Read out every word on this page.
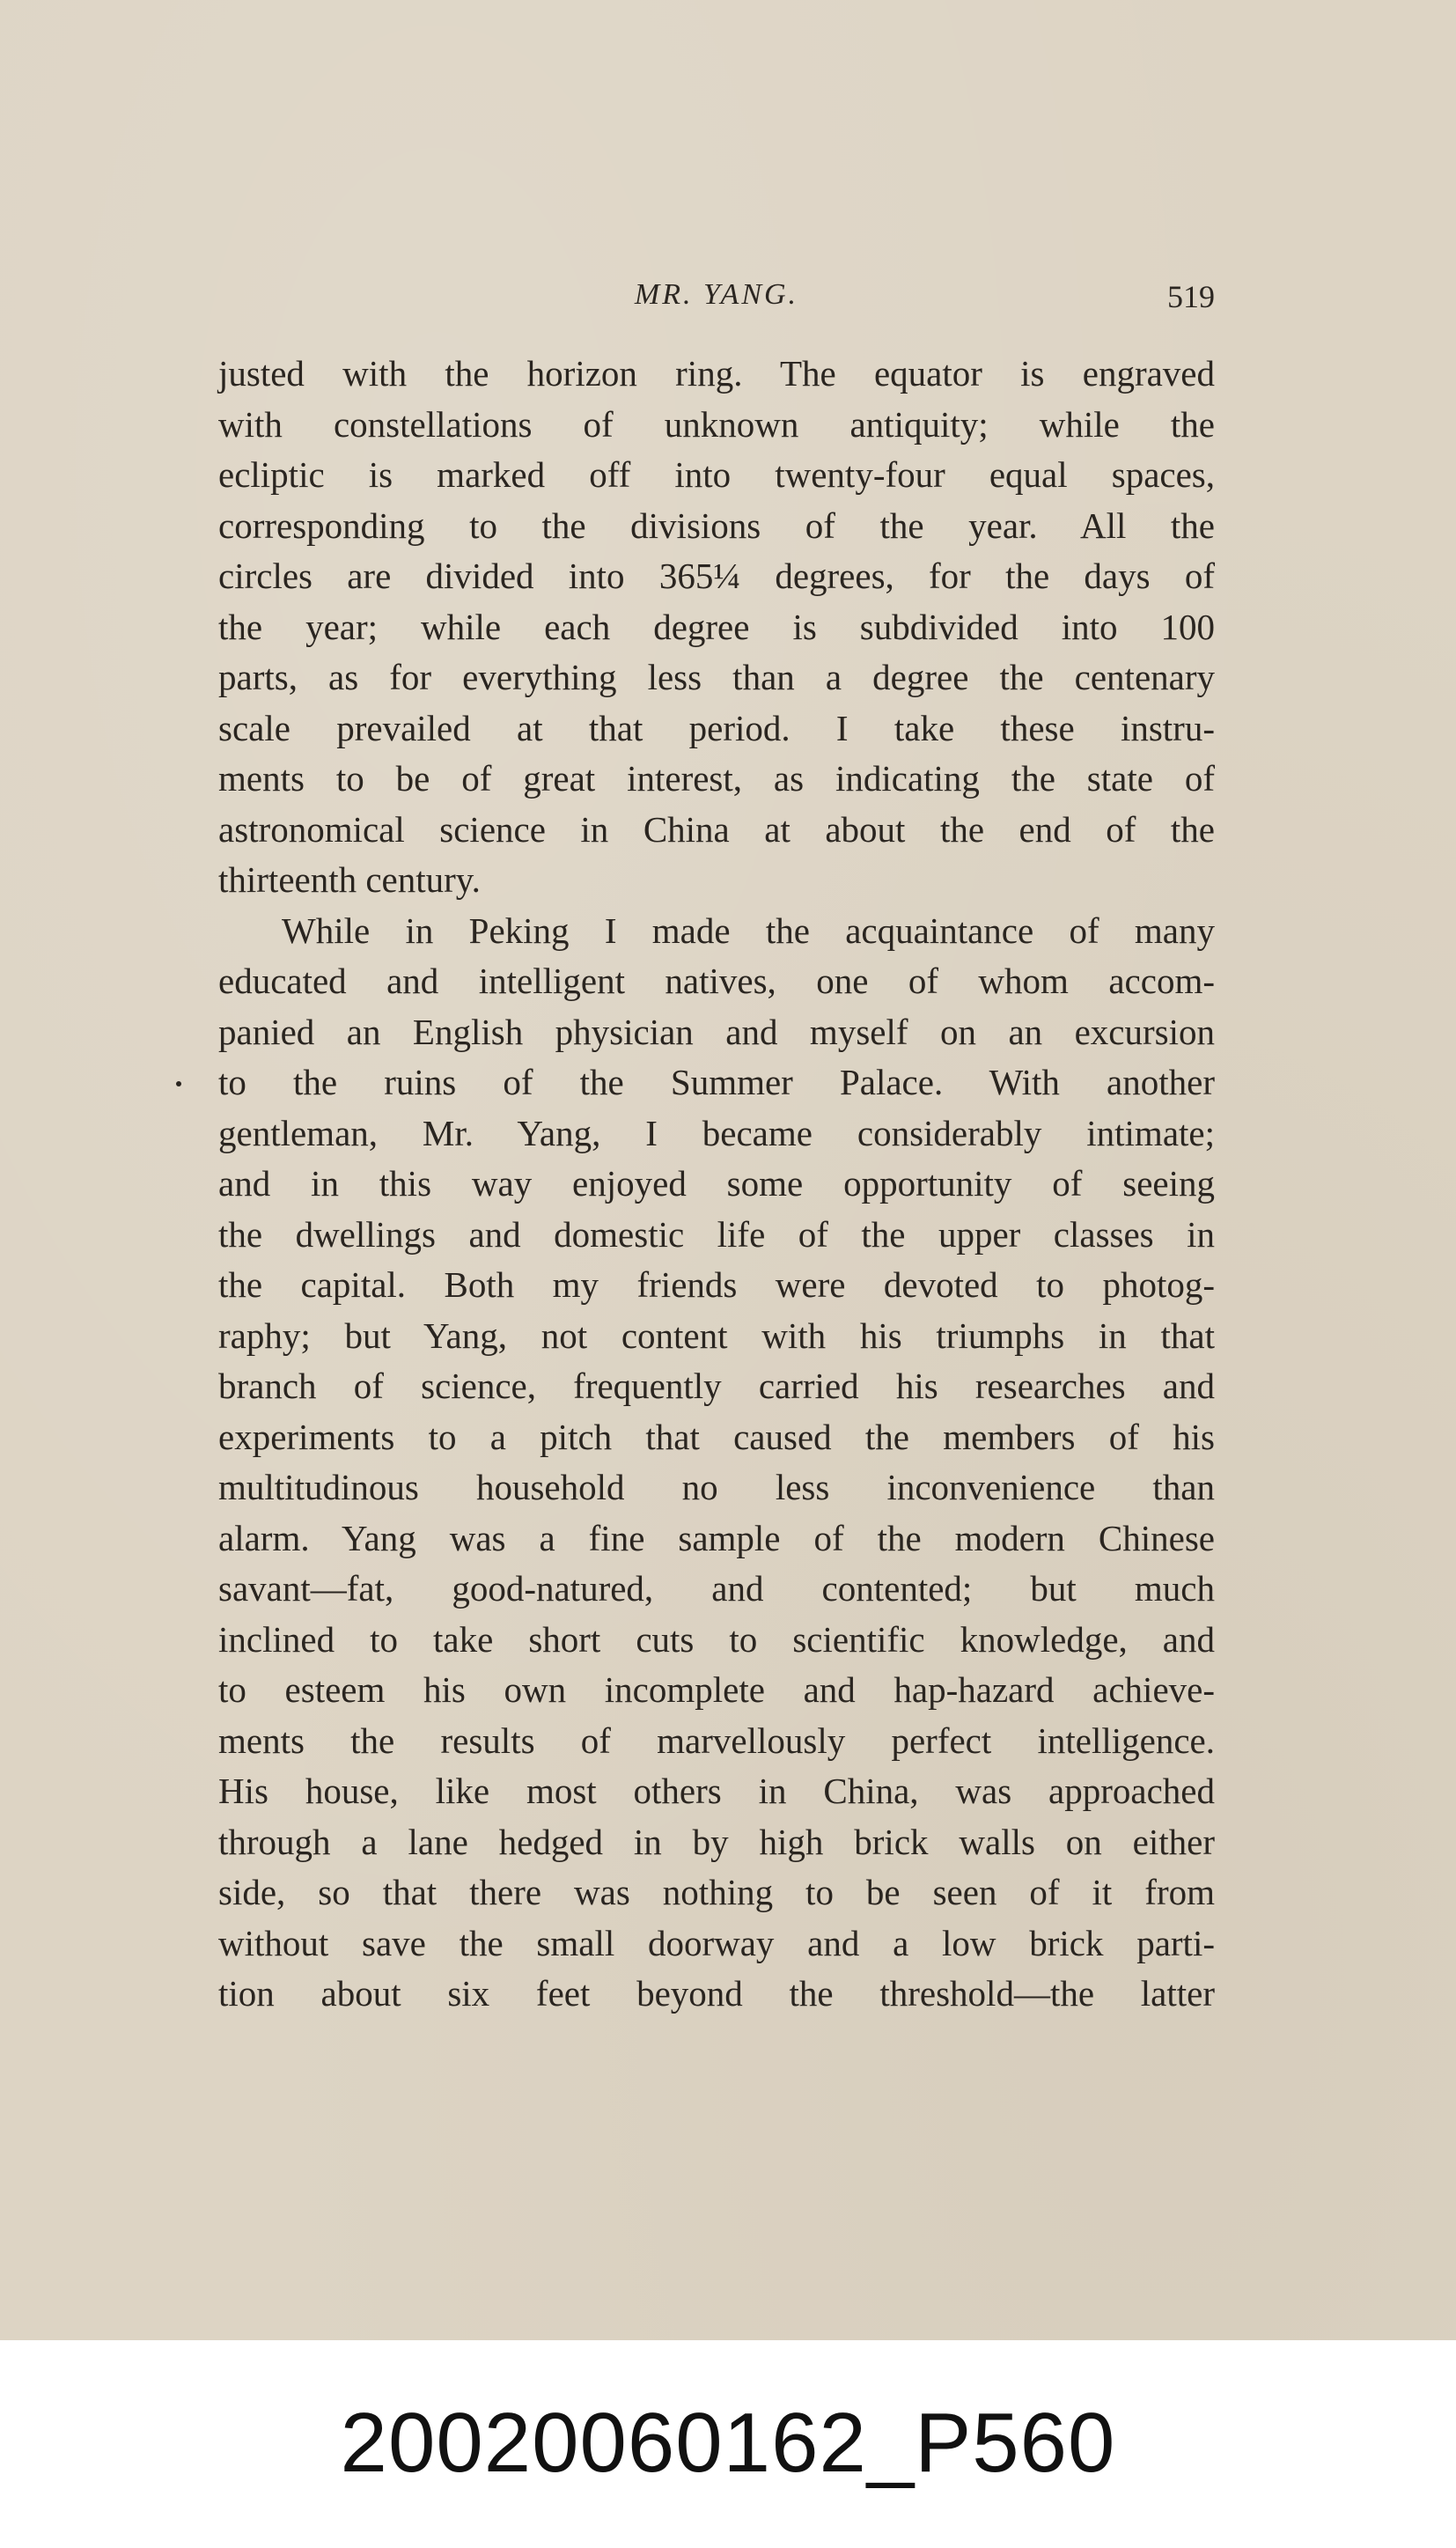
MR. YANG.	519
justed with the horizon ring. The equator is engraved
with constellations of unknown antiquity; while the
ecliptic is marked off into twenty-four equal spaces,
corresponding to the divisions of the year. All the
circles are divided into 365¼ degrees, for the days of
the year; while each degree is subdivided into 100
parts, as for everything less than a degree the centenary
scale prevailed at that period. I take these instru-
ments to be of great interest, as indicating the state of
astronomical science in China at about the end of the
thirteenth century.
While in Peking I made the acquaintance of many
educated and intelligent natives, one of whom accom-
panied an English physician and myself on an excursion
to the ruins of the Summer Palace. With another
gentleman, Mr. Yang, I became considerably intimate;
and in this way enjoyed some opportunity of seeing
the dwellings and domestic life of the upper classes in
the capital. Both my friends were devoted to photog-
raphy; but Yang, not content with his triumphs in that
branch of science, frequently carried his researches and
experiments to a pitch that caused the members of his
multitudinous household no less inconvenience than
alarm. Yang was a fine sample of the modern Chinese
savant—fat, good-natured, and contented; but much
inclined to take short cuts to scientific knowledge, and
to esteem his own incomplete and hap-hazard achieve-
ments the results of marvellously perfect intelligence.
His house, like most others in China, was approached
through a lane hedged in by high brick walls on either
side, so that there was nothing to be seen of it from
without save the small doorway and a low brick parti-
tion about six feet beyond the threshold—the latter
20020060162_P560
